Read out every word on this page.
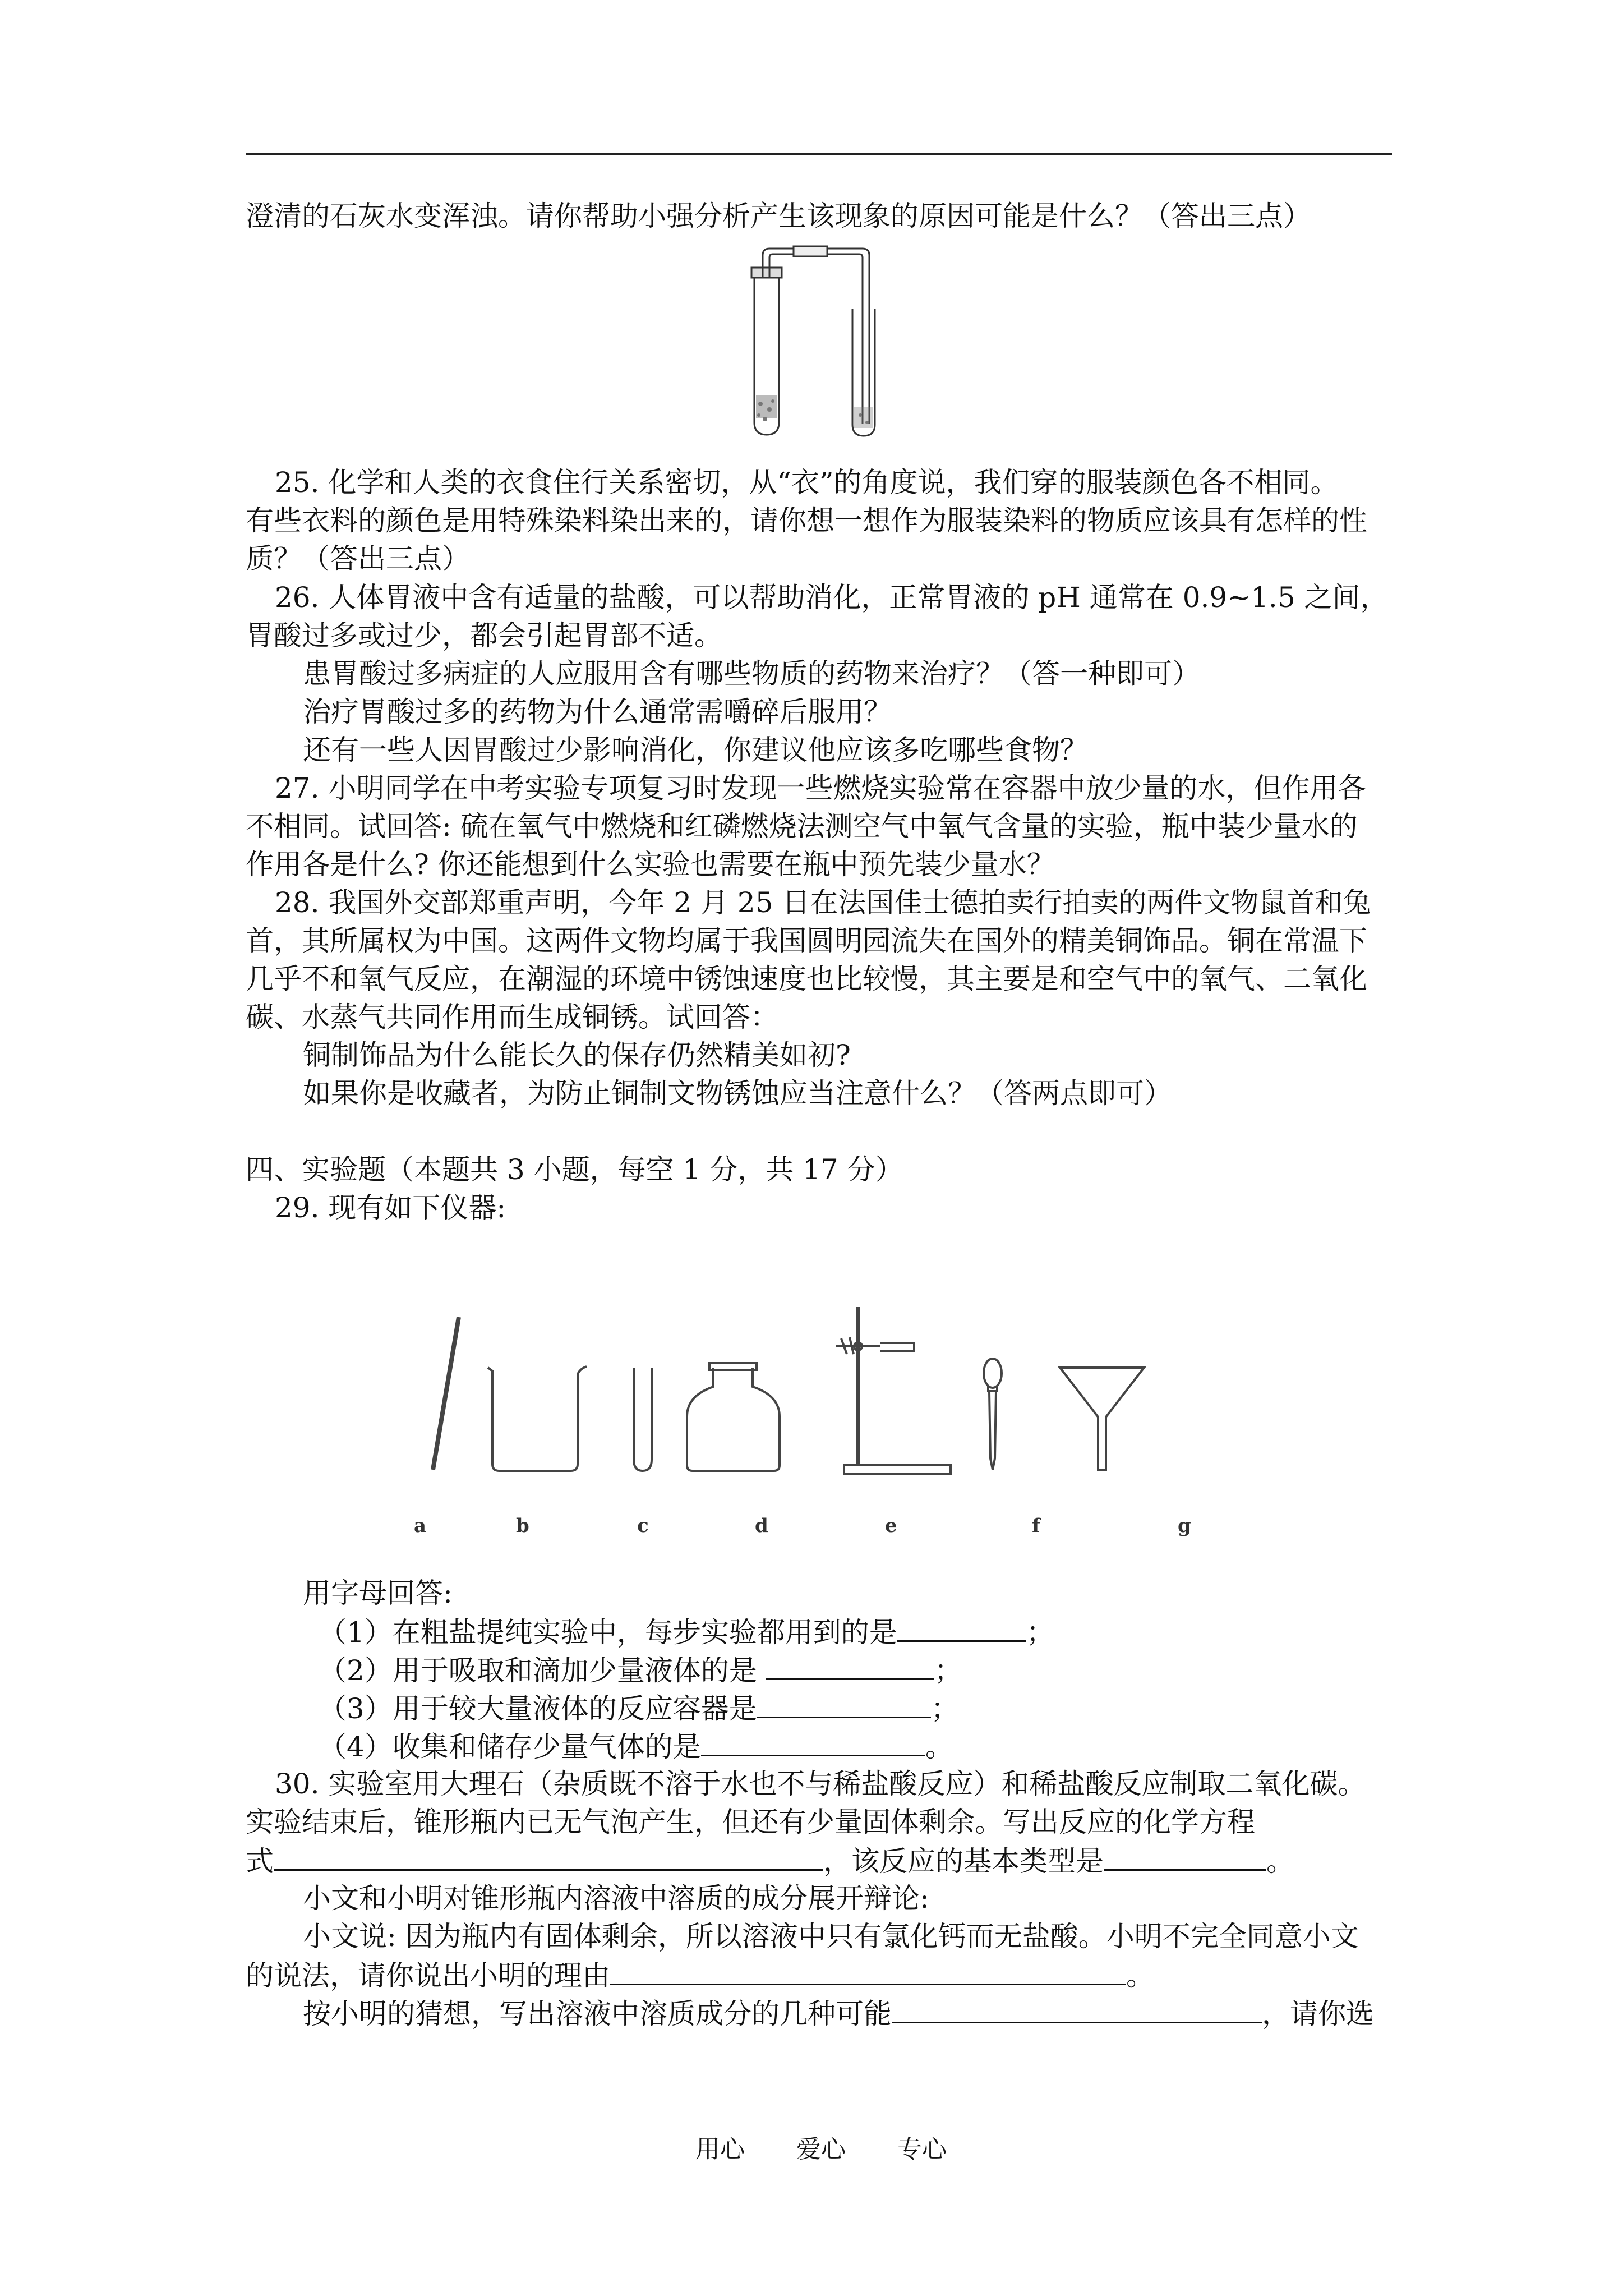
澄清的石灰水变浑浊。请你帮助小强分析产生该现象的原因可能是什么？（答出三点）
25. 化学和人类的衣食住行关系密切，从“衣”的角度说，我们穿的服装颜色各不相同。
有些衣料的颜色是用特殊染料染出来的，请你想一想作为服装染料的物质应该具有怎样的性
质？（答出三点）
26. 人体胃液中含有适量的盐酸，可以帮助消化，正常胃液的 pH 通常在 0.9~1.5 之间，
胃酸过多或过少，都会引起胃部不适。
患胃酸过多病症的人应服用含有哪些物质的药物来治疗？（答一种即可）
治疗胃酸过多的药物为什么通常需嚼碎后服用？
还有一些人因胃酸过少影响消化，你建议他应该多吃哪些食物？
27. 小明同学在中考实验专项复习时发现一些燃烧实验常在容器中放少量的水，但作用各
不相同。试回答: 硫在氧气中燃烧和红磷燃烧法测空气中氧气含量的实验，瓶中装少量水的
作用各是什么? 你还能想到什么实验也需要在瓶中预先装少量水？
28. 我国外交部郑重声明，今年 2 月 25 日在法国佳士德拍卖行拍卖的两件文物鼠首和兔
首，其所属权为中国。这两件文物均属于我国圆明园流失在国外的精美铜饰品。铜在常温下
几乎不和氧气反应，在潮湿的环境中锈蚀速度也比较慢，其主要是和空气中的氧气、二氧化
碳、水蒸气共同作用而生成铜锈。试回答：
铜制饰品为什么能长久的保存仍然精美如初?
如果你是收藏者，为防止铜制文物锈蚀应当注意什么？（答两点即可）
四、实验题（本题共 3 小题，每空 1 分，共 17 分）
29. 现有如下仪器:
a	b	c	d	e	f	g
用字母回答:
（1）在粗盐提纯实验中，每步实验都用到的是	；
（2）用于吸取和滴加少量液体的是	；
（3）用于较大量液体的反应容器是	；
（4）收集和储存少量气体的是	。
30. 实验室用大理石（杂质既不溶于水也不与稀盐酸反应）和稀盐酸反应制取二氧化碳。
实验结束后，锥形瓶内已无气泡产生，但还有少量固体剩余。写出反应的化学方程
式	，该反应的基本类型是	。
小文和小明对锥形瓶内溶液中溶质的成分展开辩论:
小文说: 因为瓶内有固体剩余，所以溶液中只有氯化钙而无盐酸。小明不完全同意小文
的说法，请你说出小明的理由	。
按小明的猜想，写出溶液中溶质成分的几种可能	，请你选
用心 爱心 专心
